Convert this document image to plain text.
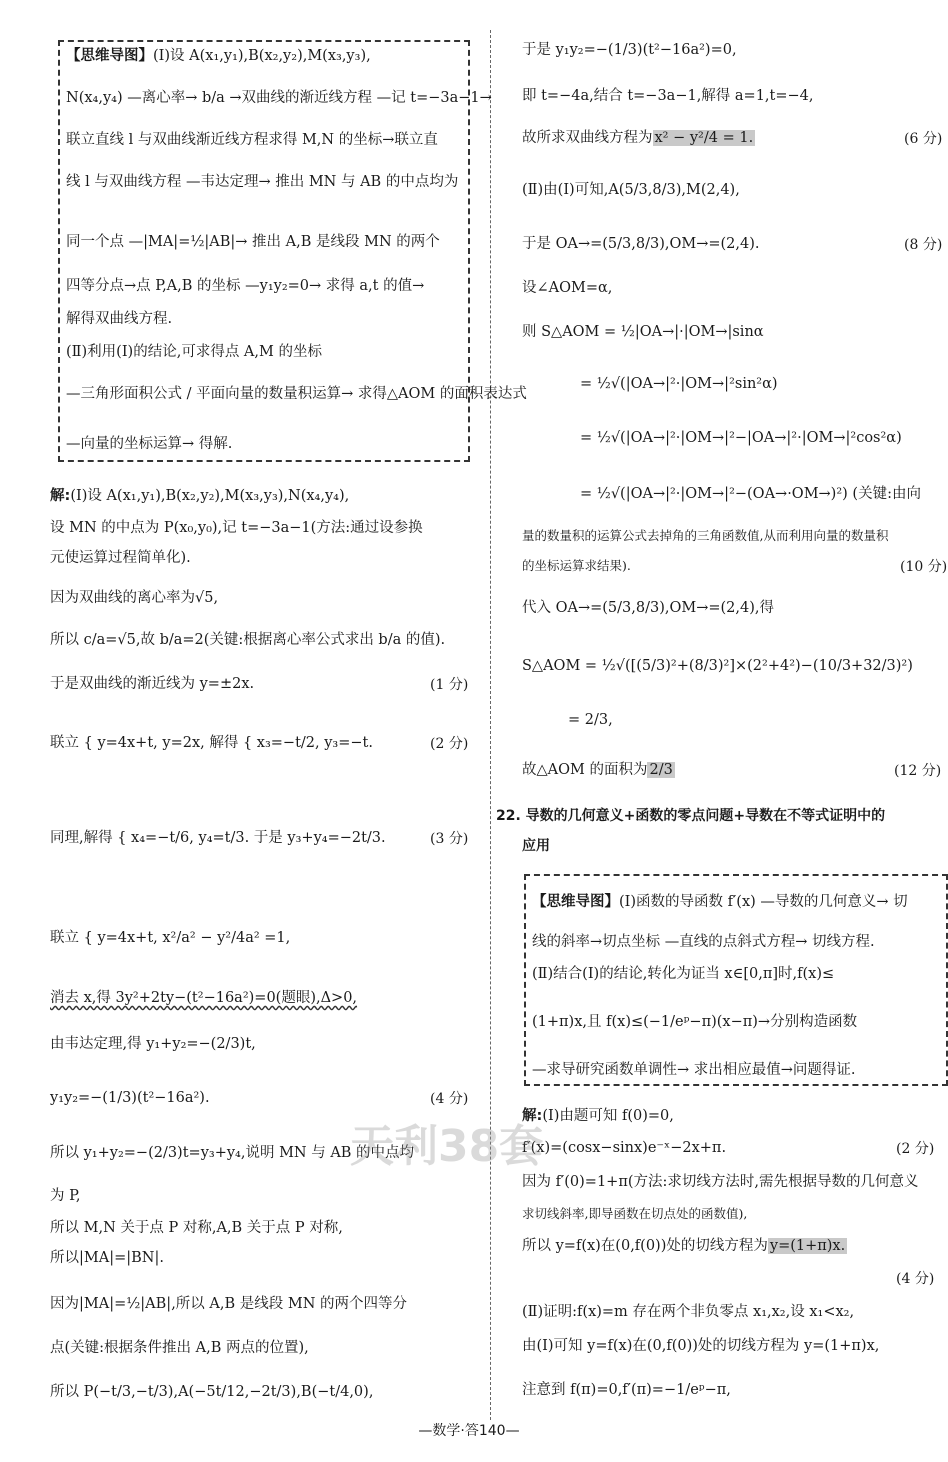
【思维导图】(Ⅰ)设 A(x₁,y₁),B(x₂,y₂),M(x₃,y₃),
N(x₄,y₄) —离心率→ b/a →双曲线的渐近线方程 —记 t=−3a−1→
联立直线 l 与双曲线渐近线方程求得 M,N 的坐标→联立直
线 l 与双曲线方程 —韦达定理→ 推出 MN 与 AB 的中点均为
同一个点 —|MA|=½|AB|→ 推出 A,B 是线段 MN 的两个
四等分点→点 P,A,B 的坐标 —y₁y₂=0→ 求得 a,t 的值→
解得双曲线方程.
(Ⅱ)利用(Ⅰ)的结论,可求得点 A,M 的坐标
—三角形面积公式 / 平面向量的数量积运算→ 求得△AOM 的面积表达式
—向量的坐标运算→ 得解.
解:(Ⅰ)设 A(x₁,y₁),B(x₂,y₂),M(x₃,y₃),N(x₄,y₄),
设 MN 的中点为 P(x₀,y₀),记 t=−3a−1(方法:通过设参换
元使运算过程简单化).
因为双曲线的离心率为√5,
所以 c/a=√5,故 b/a=2(关键:根据离心率公式求出 b/a 的值).
于是双曲线的渐近线为 y=±2x.	(1 分)
联立 { y=4x+t, y=2x, 解得 { x₃=−t/2, y₃=−t.	(2 分)
同理,解得 { x₄=−t/6, y₄=t/3. 于是 y₃+y₄=−2t/3.	(3 分)
联立 { y=4x+t, x²/a² − y²/4a² =1,
消去 x,得 3y²+2ty−(t²−16a²)=0(题眼),Δ>0,
由韦达定理,得 y₁+y₂=−(2/3)t,
y₁y₂=−(1/3)(t²−16a²).	(4 分)
所以 y₁+y₂=−(2/3)t=y₃+y₄,说明 MN 与 AB 的中点均
为 P,
所以 M,N 关于点 P 对称,A,B 关于点 P 对称,
所以|MA|=|BN|.
因为|MA|=½|AB|,所以 A,B 是线段 MN 的两个四等分
点(关键:根据条件推出 A,B 两点的位置),
所以 P(−t/3,−t/3),A(−5t/12,−2t/3),B(−t/4,0),
于是 y₁y₂=−(1/3)(t²−16a²)=0,
即 t=−4a,结合 t=−3a−1,解得 a=1,t=−4,
故所求双曲线方程为 x² − y²/4 = 1.	(6 分)
(Ⅱ)由(Ⅰ)可知,A(5/3,8/3),M(2,4),
于是 OA→=(5/3,8/3),OM→=(2,4).	(8 分)
设∠AOM=α,
则 S△AOM = ½|OA→|·|OM→|sinα
= ½√(|OA→|²·|OM→|²sin²α)
= ½√(|OA→|²·|OM→|²−|OA→|²·|OM→|²cos²α)
= ½√(|OA→|²·|OM→|²−(OA→·OM→)²) (关键:由向
量的数量积的运算公式去掉角的三角函数值,从而利用向量的数量积
的坐标运算求结果).	(10 分)
代入 OA→=(5/3,8/3),OM→=(2,4),得
S△AOM = ½√([(5/3)²+(8/3)²]×(2²+4²)−(10/3+32/3)²)
= 2/3,
故△AOM 的面积为 2/3	(12 分)
22. 导数的几何意义+函数的零点问题+导数在不等式证明中的
应用
【思维导图】(Ⅰ)函数的导函数 f′(x) —导数的几何意义→ 切
线的斜率→切点坐标 —直线的点斜式方程→ 切线方程.
(Ⅱ)结合(Ⅰ)的结论,转化为证当 x∈[0,π]时,f(x)≤
(1+π)x,且 f(x)≤(−1/eᵖ−π)(x−π)→分别构造函数
—求导研究函数单调性→ 求出相应最值→问题得证.
解:(Ⅰ)由题可知 f(0)=0,
f′(x)=(cosx−sinx)e⁻ˣ−2x+π.	(2 分)
因为 f′(0)=1+π(方法:求切线方法时,需先根据导数的几何意义
求切线斜率,即导函数在切点处的函数值),
所以 y=f(x)在(0,f(0))处的切线方程为 y=(1+π)x.
(4 分)
(Ⅱ)证明:f(x)=m 存在两个非负零点 x₁,x₂,设 x₁<x₂,
由(Ⅰ)可知 y=f(x)在(0,f(0))处的切线方程为 y=(1+π)x,
注意到 f(π)=0,f′(π)=−1/eᵖ−π,
天利38套
—数学·答140—
